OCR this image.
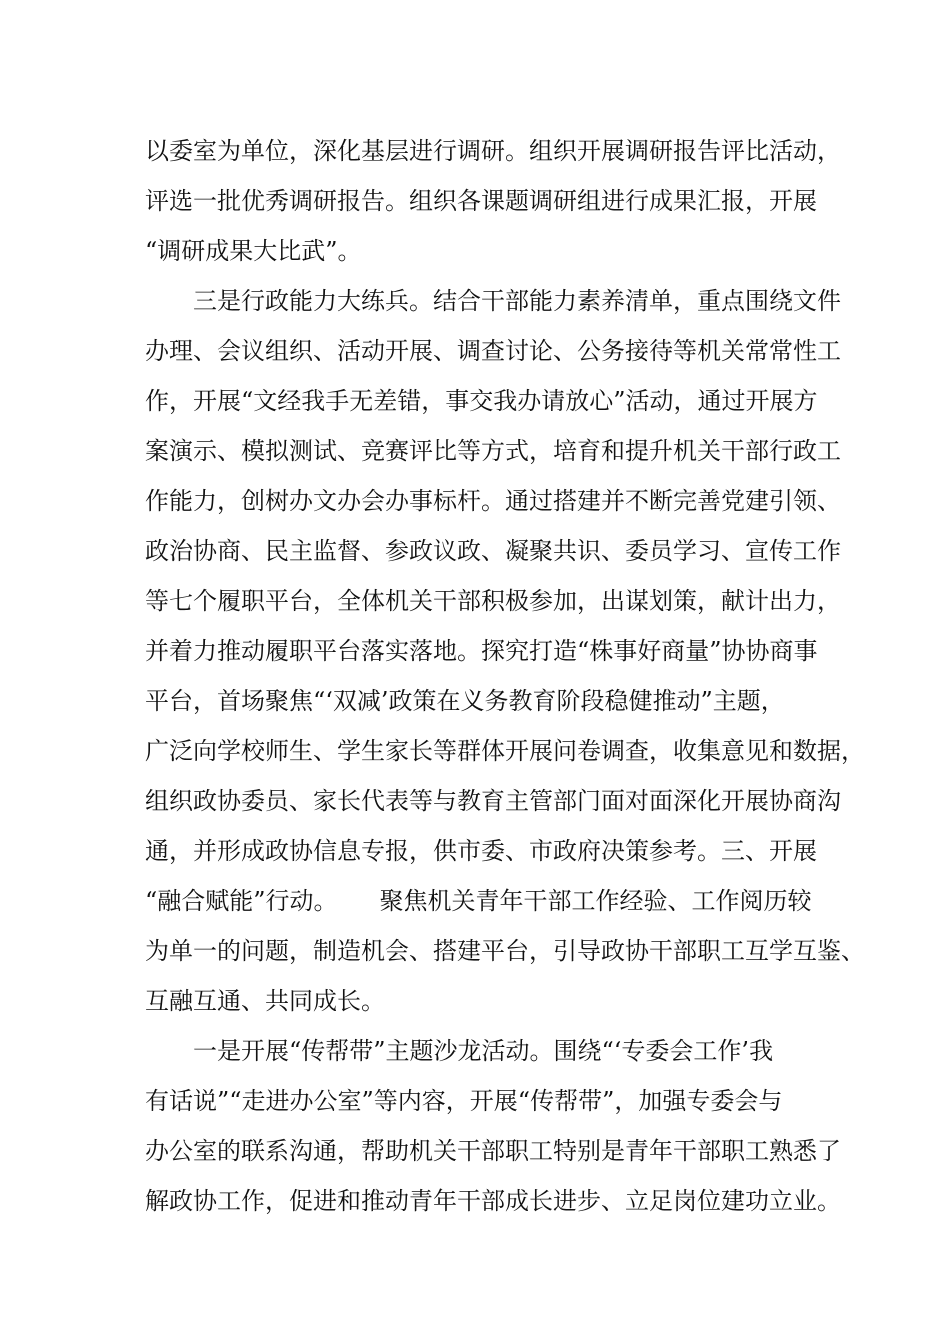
以委室为单位，深化基层进行调研。组织开展调研报告评比活动，
评选一批优秀调研报告。组织各课题调研组进行成果汇报，开展
“调研成果大比武”。
三是行政能力大练兵。结合干部能力素养清单，重点围绕文件
办理、会议组织、活动开展、调查讨论、公务接待等机关常常性工
作，开展“文经我手无差错，事交我办请放心”活动，通过开展方
案演示、模拟测试、竞赛评比等方式，培育和提升机关干部行政工
作能力，创树办文办会办事标杆。通过搭建并不断完善党建引领、
政治协商、民主监督、参政议政、凝聚共识、委员学习、宣传工作
等七个履职平台，全体机关干部积极参加，出谋划策，献计出力，
并着力推动履职平台落实落地。探究打造“株事好商量”协协商事
平台，首场聚焦“‘双减’政策在义务教育阶段稳健推动”主题，
广泛向学校师生、学生家长等群体开展问卷调查，收集意见和数据，
组织政协委员、家长代表等与教育主管部门面对面深化开展协商沟
通，并形成政协信息专报，供市委、市政府决策参考。三、开展
“融合赋能”行动。 聚焦机关青年干部工作经验、工作阅历较
为单一的问题，制造机会、搭建平台，引导政协干部职工互学互鉴、
互融互通、共同成长。
一是开展“传帮带”主题沙龙活动。围绕“‘专委会工作’我
有话说”“走进办公室”等内容，开展“传帮带”，加强专委会与
办公室的联系沟通，帮助机关干部职工特别是青年干部职工熟悉了
解政协工作，促进和推动青年干部成长进步、立足岗位建功立业。
